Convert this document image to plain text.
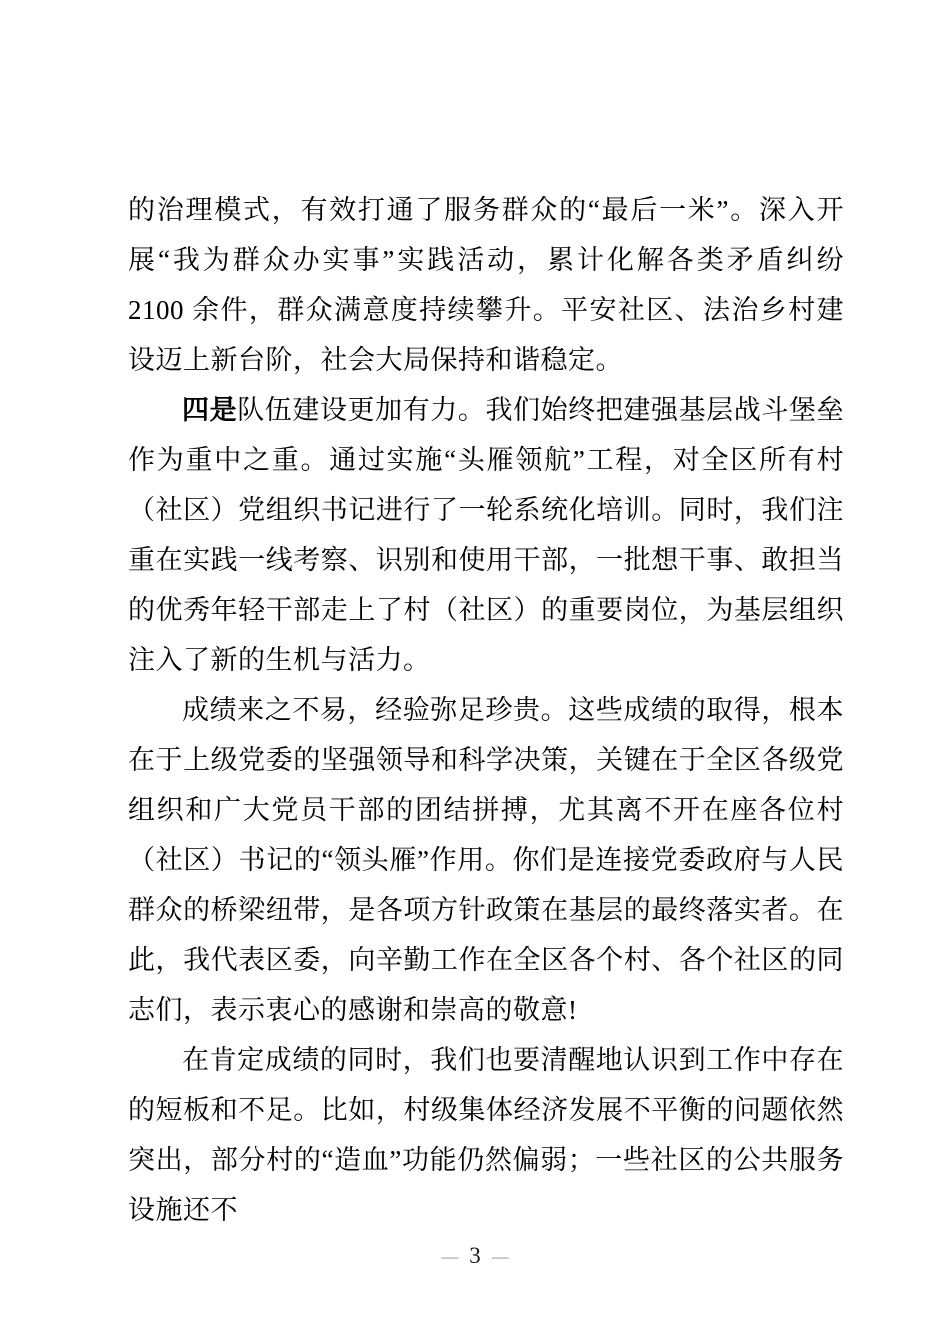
的治理模式，有效打通了服务群众的“最后一米”。深入开展“我为群众办实事”实践活动，累计化解各类矛盾纠纷 2100 余件，群众满意度持续攀升。平安社区、法治乡村建设迈上新台阶，社会大局保持和谐稳定。

四是队伍建设更加有力。我们始终把建强基层战斗堡垒作为重中之重。通过实施“头雁领航”工程，对全区所有村（社区）党组织书记进行了一轮系统化培训。同时，我们注重在实践一线考察、识别和使用干部，一批想干事、敢担当的优秀年轻干部走上了村（社区）的重要岗位，为基层组织注入了新的生机与活力。

成绩来之不易，经验弥足珍贵。这些成绩的取得，根本在于上级党委的坚强领导和科学决策，关键在于全区各级党组织和广大党员干部的团结拼搏，尤其离不开在座各位村（社区）书记的“领头雁”作用。你们是连接党委政府与人民群众的桥梁纽带，是各项方针政策在基层的最终落实者。在此，我代表区委，向辛勤工作在全区各个村、各个社区的同志们，表示衷心的感谢和崇高的敬意!

在肯定成绩的同时，我们也要清醒地认识到工作中存在的短板和不足。比如，村级集体经济发展不平衡的问题依然突出，部分村的“造血”功能仍然偏弱；一些社区的公共服务设施还不

— 3 —
